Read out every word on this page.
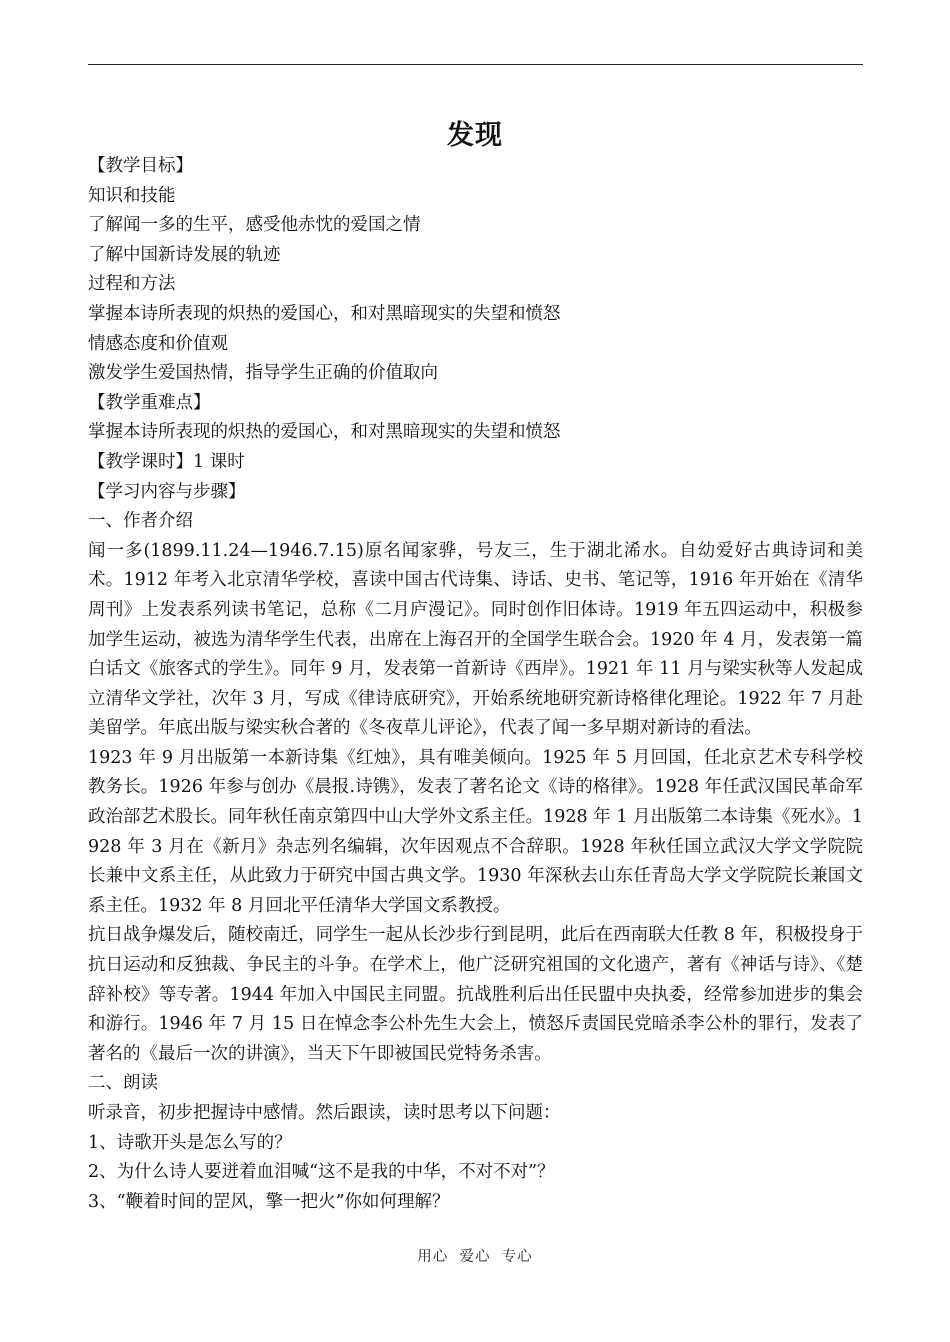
发现
【教学目标】
知识和技能
了解闻一多的生平，感受他赤忱的爱国之情
了解中国新诗发展的轨迹
过程和方法
掌握本诗所表现的炽热的爱国心，和对黑暗现实的失望和愤怒
情感态度和价值观
激发学生爱国热情，指导学生正确的价值取向
【教学重难点】
掌握本诗所表现的炽热的爱国心，和对黑暗现实的失望和愤怒
【教学课时】1 课时
【学习内容与步骤】
一、作者介绍

闻一多(1899.11.24—1946.7.15)原名闻家骅，号友三，生于湖北浠水。自幼爱好古典诗词和美术。1912 年考入北京清华学校，喜读中国古代诗集、诗话、史书、笔记等，1916 年开始在《清华周刊》上发表系列读书笔记，总称《二月庐漫记》。同时创作旧体诗。1919 年五四运动中，积极参加学生运动，被选为清华学生代表，出席在上海召开的全国学生联合会。1920 年 4 月，发表第一篇白话文《旅客式的学生》。同年 9 月，发表第一首新诗《西岸》。1921 年 11 月与梁实秋等人发起成立清华文学社，次年 3 月，写成《律诗底研究》，开始系统地研究新诗格律化理论。1922 年 7 月赴美留学。年底出版与梁实秋合著的《冬夜草儿评论》，代表了闻一多早期对新诗的看法。

1923 年 9 月出版第一本新诗集《红烛》，具有唯美倾向。1925 年 5 月回国，任北京艺术专科学校教务长。1926 年参与创办《晨报.诗镌》，发表了著名论文《诗的格律》。1928 年任武汉国民革命军政治部艺术股长。同年秋任南京第四中山大学外文系主任。1928 年 1 月出版第二本诗集《死水》。1928 年 3 月在《新月》杂志列名编辑，次年因观点不合辞职。1928 年秋任国立武汉大学文学院院长兼中文系主任，从此致力于研究中国古典文学。1930 年深秋去山东任青岛大学文学院院长兼国文系主任。1932 年 8 月回北平任清华大学国文系教授。

抗日战争爆发后，随校南迁，同学生一起从长沙步行到昆明，此后在西南联大任教 8 年，积极投身于抗日运动和反独裁、争民主的斗争。在学术上，他广泛研究祖国的文化遗产，著有《神话与诗》、《楚辞补校》等专著。1944 年加入中国民主同盟。抗战胜利后出任民盟中央执委，经常参加进步的集会和游行。1946 年 7 月 15 日在悼念李公朴先生大会上，愤怒斥责国民党暗杀李公朴的罪行，发表了著名的《最后一次的讲演》，当天下午即被国民党特务杀害。

二、朗读
听录音，初步把握诗中感情。然后跟读，读时思考以下问题：
1、诗歌开头是怎么写的？
2、为什么诗人要迸着血泪喊“这不是我的中华，不对不对”？
3、“鞭着时间的罡风，擎一把火”你如何理解？
用心  爱心  专心
